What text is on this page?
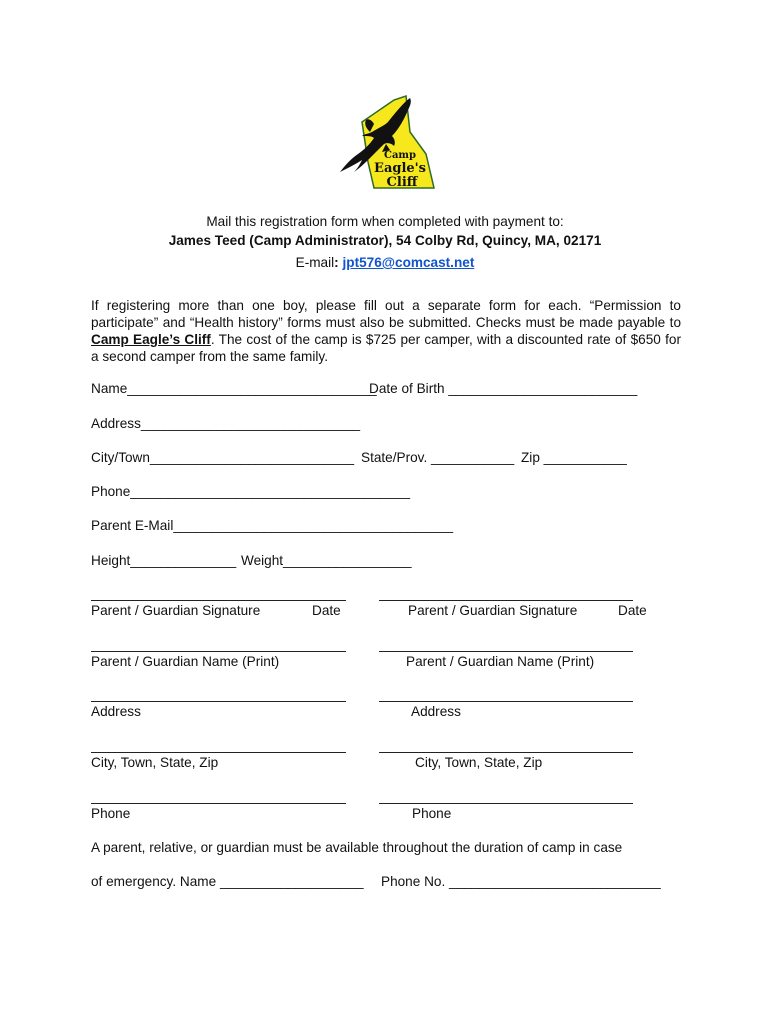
Camp
Eagle's
Cliff
Mail this registration form when completed with payment to:
James Teed (Camp Administrator), 54 Colby Rd, Quincy, MA, 02171
E-mail: jpt576@comcast.net
If registering more than one boy, please fill out a separate form for each. “Permission to participate” and “Health history” forms must also be submitted. Checks must be made payable to Camp Eagle’s Cliff. The cost of the camp is $725 per camper, with a discounted rate of $650 for a second camper from the same family.
Name_________________________________
Date of Birth _________________________
Address_____________________________
City/Town___________________________ State/Prov. ___________ Zip ___________
Phone_____________________________________
Parent E-Mail_____________________________________
Height______________ Weight_________________
Parent / Guardian Signature	Date
Parent / Guardian Name (Print)
Address
City, Town, State, Zip
Phone
Parent / Guardian Signature	Date
Parent / Guardian Name (Print)
Address
City, Town, State, Zip
Phone
A parent, relative, or guardian must be available throughout the duration of camp in case
of emergency. Name ___________________ Phone No. ____________________________
